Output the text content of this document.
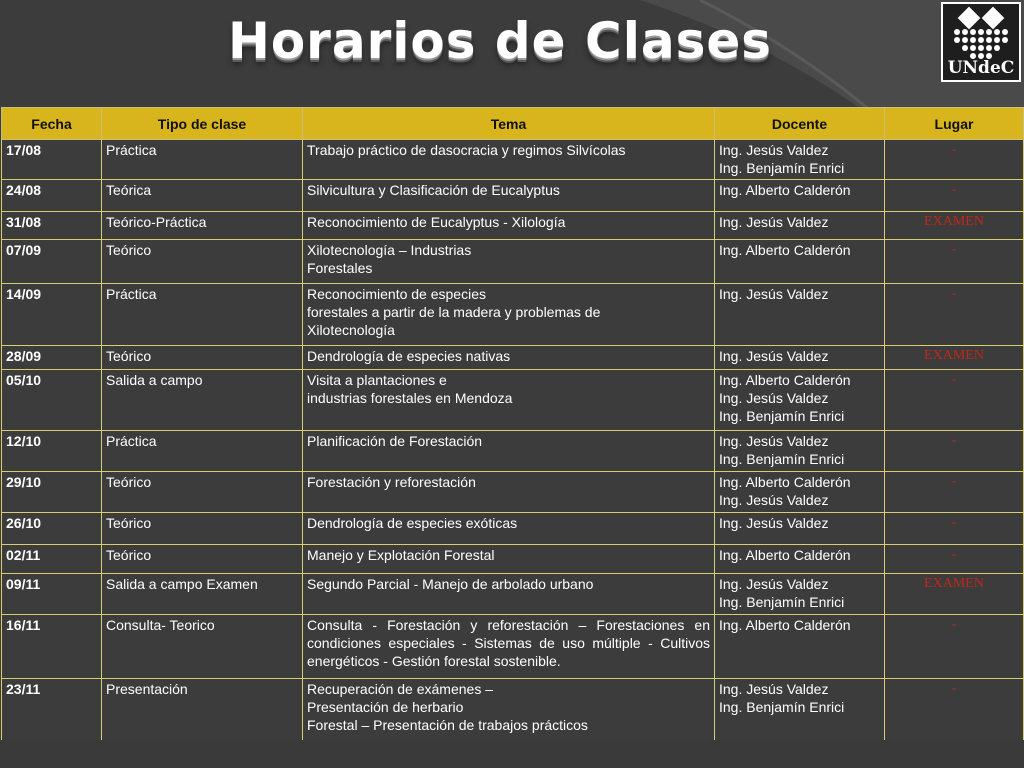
Horarios de Clases	UNdeC
Fecha	Tipo de clase	Tema	Docente	Lugar
17/08	Práctica	Trabajo práctico de dasocracia y regimos Silvícolas	Ing. Jesús Valdez
Ing. Benjamín Enrici	-
24/08	Teórica	Silvicultura y Clasificación de Eucalyptus	Ing. Alberto Calderón	-
31/08	Teórico-Práctica	Reconocimiento de Eucalyptus - Xilología	Ing. Jesús Valdez	EXAMEN
07/09	Teórico	Xilotecnología – Industrias
Forestales	Ing. Alberto Calderón	-
14/09	Práctica	Reconocimiento de especies
forestales a partir de la madera y problemas de
Xilotecnología	Ing. Jesús Valdez	-
28/09	Teórico	Dendrología de especies nativas	Ing. Jesús Valdez	EXAMEN
05/10	Salida a campo	Visita a plantaciones e
industrias forestales en Mendoza	Ing. Alberto Calderón
Ing. Jesús Valdez
Ing. Benjamín Enrici	-
12/10	Práctica	Planificación de Forestación	Ing. Jesús Valdez
Ing. Benjamín Enrici	-
29/10	Teórico	Forestación y reforestación	Ing. Alberto Calderón
Ing. Jesús Valdez	-
26/10	Teórico	Dendrología de especies exóticas	Ing. Jesús Valdez	-
02/11	Teórico	Manejo y Explotación Forestal	Ing. Alberto Calderón	-
09/11	Salida a campo Examen	Segundo Parcial - Manejo de arbolado urbano	Ing. Jesús Valdez
Ing. Benjamín Enrici	EXAMEN
16/11	Consulta- Teorico	Consulta - Forestación y reforestación – Forestaciones en condiciones especiales - Sistemas de uso múltiple - Cultivos energéticos - Gestión forestal sostenible.	Ing. Alberto Calderón	-
23/11	Presentación	Recuperación de exámenes –
Presentación de herbario
Forestal – Presentación de trabajos prácticos	Ing. Jesús Valdez
Ing. Benjamín Enrici	-
